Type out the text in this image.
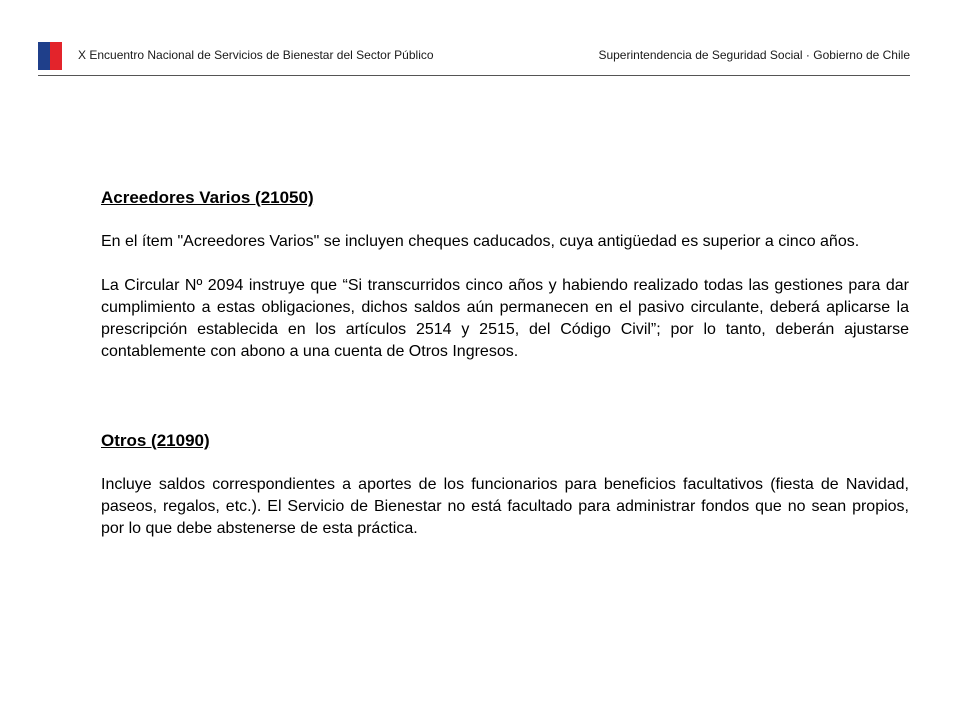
X Encuentro Nacional de Servicios de Bienestar del Sector Público	Superintendencia de Seguridad Social · Gobierno de Chile
Acreedores Varios (21050)

En el ítem "Acreedores Varios" se incluyen cheques caducados, cuya antigüedad es superior a cinco años.

La Circular Nº 2094 instruye que “Si transcurridos cinco años y habiendo realizado todas las gestiones para dar cumplimiento a estas obligaciones, dichos saldos aún permanecen en el pasivo circulante, deberá aplicarse la prescripción establecida en los artículos 2514 y 2515, del Código Civil”; por lo tanto, deberán ajustarse contablemente con abono a una cuenta de Otros Ingresos.

Otros (21090)

Incluye saldos correspondientes a aportes de los funcionarios para beneficios facultativos (fiesta de Navidad, paseos, regalos, etc.). El Servicio de Bienestar no está facultado para administrar fondos que no sean propios, por lo que debe abstenerse de esta práctica.
